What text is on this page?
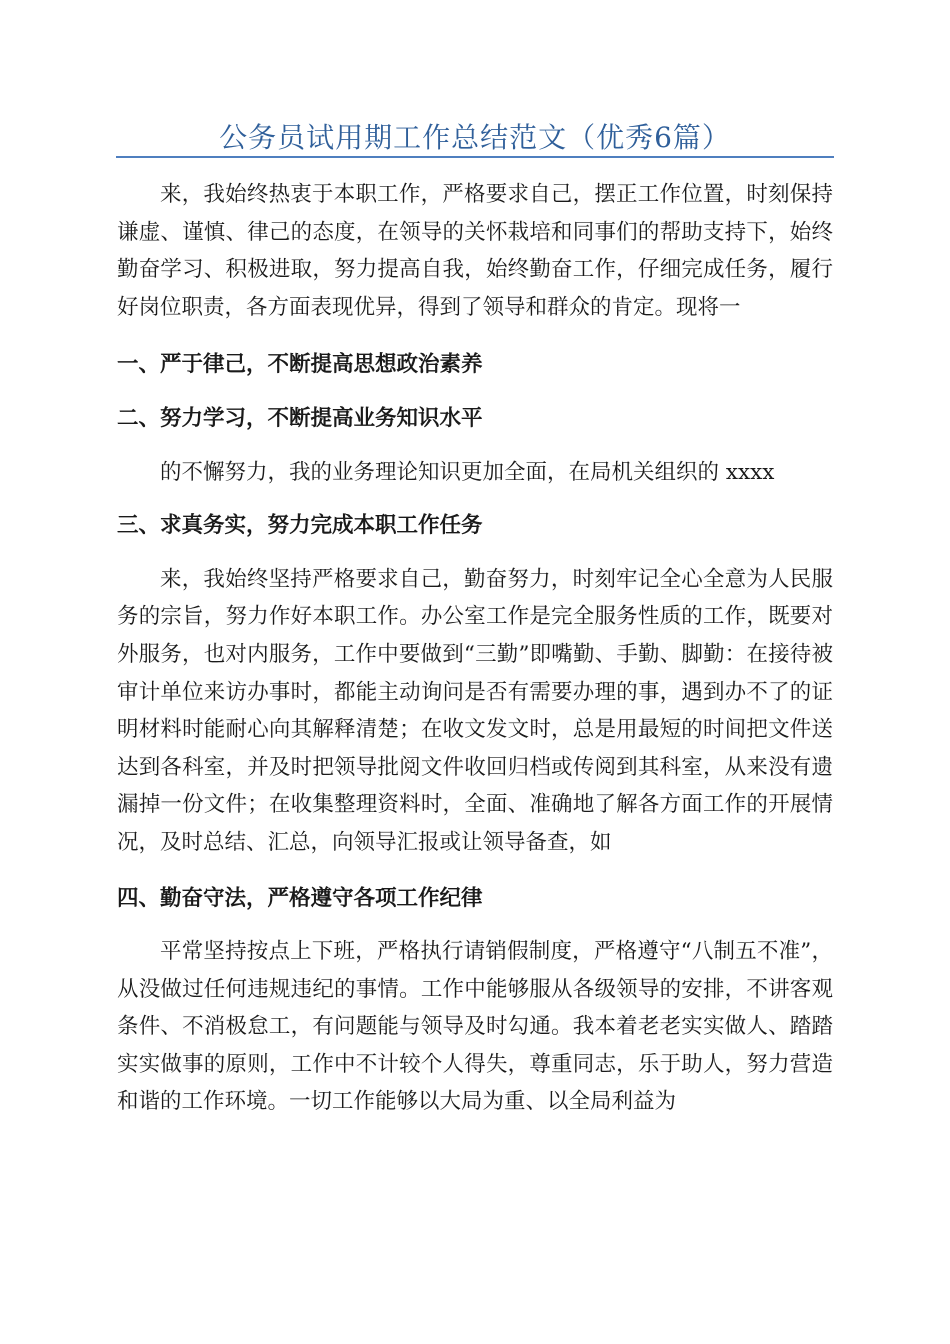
公务员试用期工作总结范文（优秀6篇）

来，我始终热衷于本职工作，严格要求自己，摆正工作位置，时刻保持谦虚、谨慎、律己的态度，在领导的关怀栽培和同事们的帮助支持下，始终勤奋学习、积极进取，努力提高自我，始终勤奋工作，仔细完成任务，履行好岗位职责，各方面表现优异，得到了领导和群众的肯定。现将一

一、严于律己，不断提高思想政治素养

二、努力学习，不断提高业务知识水平

的不懈努力，我的业务理论知识更加全面，在局机关组织的 xxxx

三、求真务实，努力完成本职工作任务

来，我始终坚持严格要求自己，勤奋努力，时刻牢记全心全意为人民服务的宗旨，努力作好本职工作。办公室工作是完全服务性质的工作，既要对外服务，也对内服务，工作中要做到“三勤”即嘴勤、手勤、脚勤：在接待被审计单位来访办事时，都能主动询问是否有需要办理的事，遇到办不了的证明材料时能耐心向其解释清楚；在收文发文时，总是用最短的时间把文件送达到各科室，并及时把领导批阅文件收回归档或传阅到其科室，从来没有遗漏掉一份文件；在收集整理资料时，全面、准确地了解各方面工作的开展情况，及时总结、汇总，向领导汇报或让领导备查，如

四、勤奋守法，严格遵守各项工作纪律

平常坚持按点上下班，严格执行请销假制度，严格遵守“八制五不准”，从没做过任何违规违纪的事情。工作中能够服从各级领导的安排，不讲客观条件、不消极怠工，有问题能与领导及时勾通。我本着老老实实做人、踏踏实实做事的原则，工作中不计较个人得失，尊重同志，乐于助人，努力营造和谐的工作环境。一切工作能够以大局为重、以全局利益为
